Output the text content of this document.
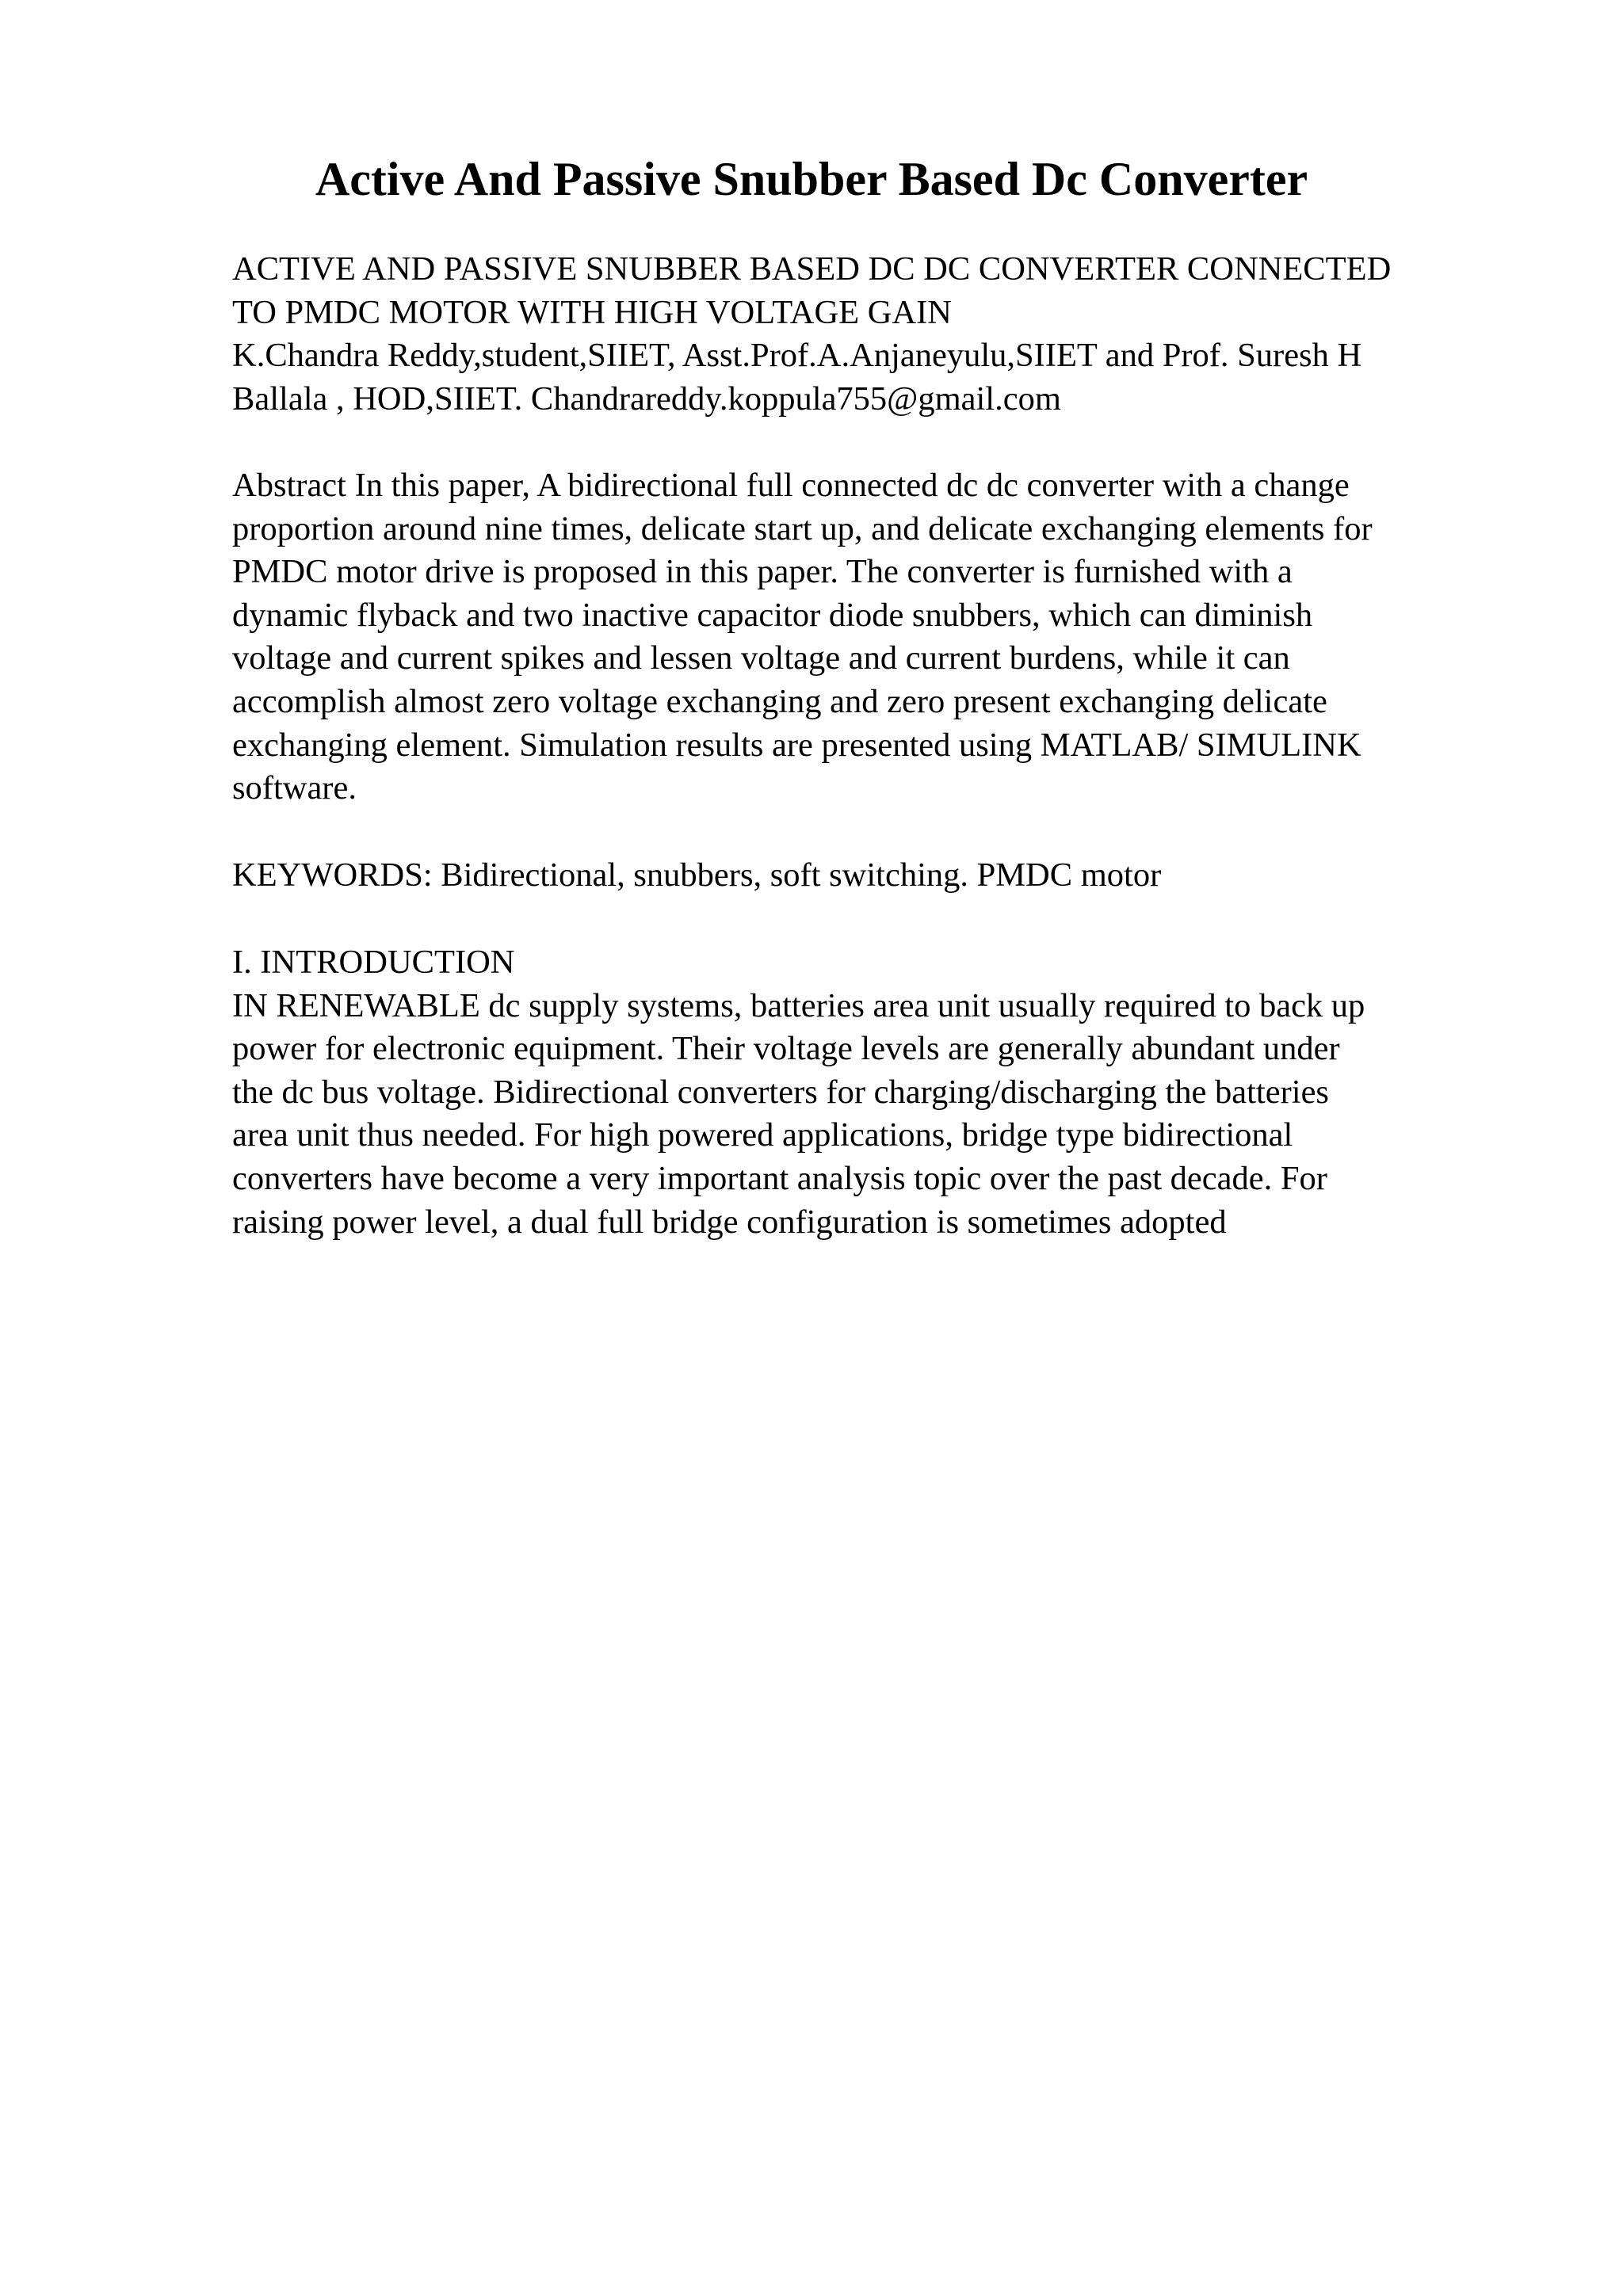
Active And Passive Snubber Based Dc Converter
ACTIVE AND PASSIVE SNUBBER BASED DC DC CONVERTER CONNECTED
TO PMDC MOTOR WITH HIGH VOLTAGE GAIN
K.Chandra Reddy,student,SIIET, Asst.Prof.A.Anjaneyulu,SIIET and Prof. Suresh H
Ballala , HOD,SIIET. Chandrareddy.koppula755@gmail.com
Abstract In this paper, A bidirectional full connected dc dc converter with a change
proportion around nine times, delicate start up, and delicate exchanging elements for
PMDC motor drive is proposed in this paper. The converter is furnished with a
dynamic flyback and two inactive capacitor diode snubbers, which can diminish
voltage and current spikes and lessen voltage and current burdens, while it can
accomplish almost zero voltage exchanging and zero present exchanging delicate
exchanging element. Simulation results are presented using MATLAB/ SIMULINK
software.
KEYWORDS: Bidirectional, snubbers, soft switching. PMDC motor
I. INTRODUCTION
IN RENEWABLE dc supply systems, batteries area unit usually required to back up
power for electronic equipment. Their voltage levels are generally abundant under
the dc bus voltage. Bidirectional converters for charging/discharging the batteries
area unit thus needed. For high powered applications, bridge type bidirectional
converters have become a very important analysis topic over the past decade. For
raising power level, a dual full bridge configuration is sometimes adopted
